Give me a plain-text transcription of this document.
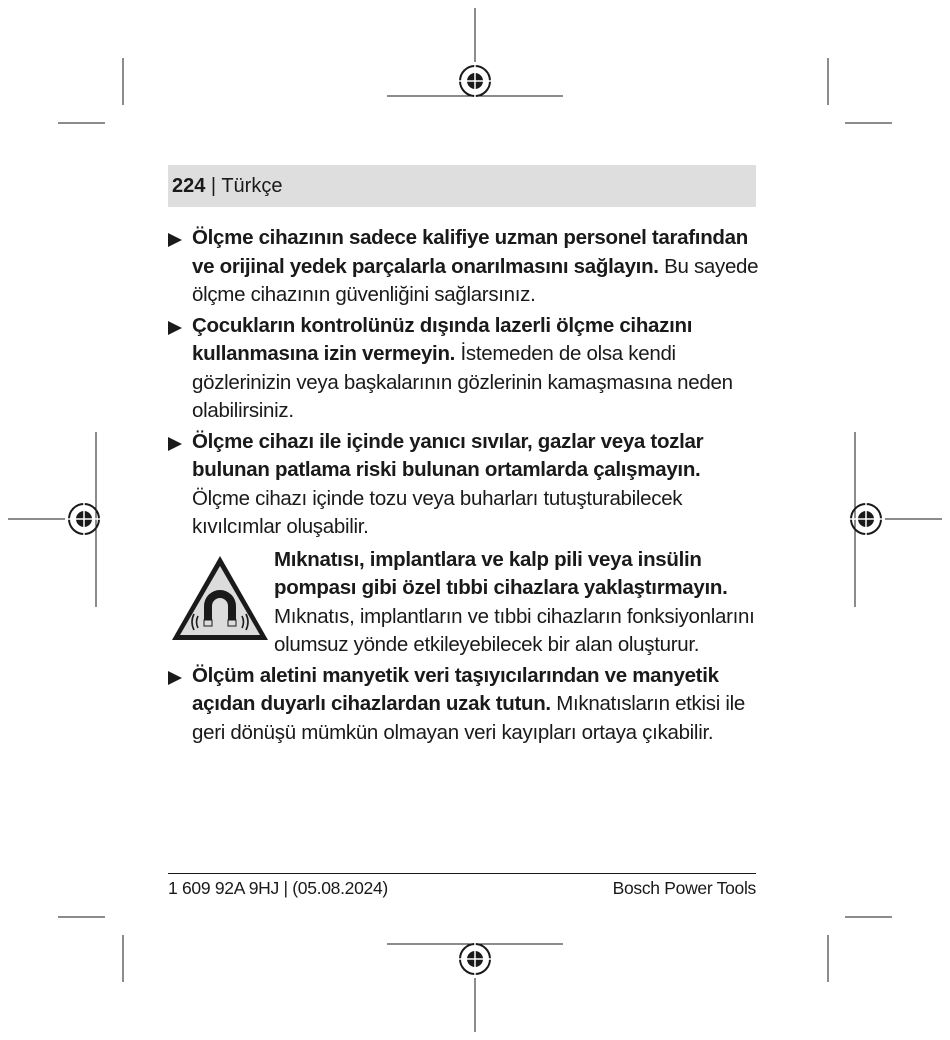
224 | Türkçe
Ölçme cihazının sadece kalifiye uzman personel tarafından ve orijinal yedek parçalarla onarılmasını sağlayın. Bu sayede ölçme cihazının güvenliğini sağlarsınız.
Çocukların kontrolünüz dışında lazerli ölçme cihazını kullanmasına izin vermeyin. İstemeden de olsa kendi gözlerinizin veya başkalarının gözlerinin kamaşmasına neden olabilirsiniz.
Ölçme cihazı ile içinde yanıcı sıvılar, gazlar veya tozlar bulunan patlama riski bulunan ortamlarda çalışmayın. Ölçme cihazı içinde tozu veya buharları tutuşturabilecek kıvılcımlar oluşabilir.
Mıknatısı, implantlara ve kalp pili veya insülin pompası gibi özel tıbbi cihazlara yaklaştırmayın. Mıknatıs, implantların ve tıbbi cihazların fonksiyonlarını olumsuz yönde etkileyebilecek bir alan oluşturur.
Ölçüm aletini manyetik veri taşıyıcılarından ve manyetik açıdan duyarlı cihazlardan uzak tutun. Mıknatısların etkisi ile geri dönüşü mümkün olmayan veri kayıpları ortaya çıkabilir.
1 609 92A 9HJ | (05.08.2024)	Bosch Power Tools
